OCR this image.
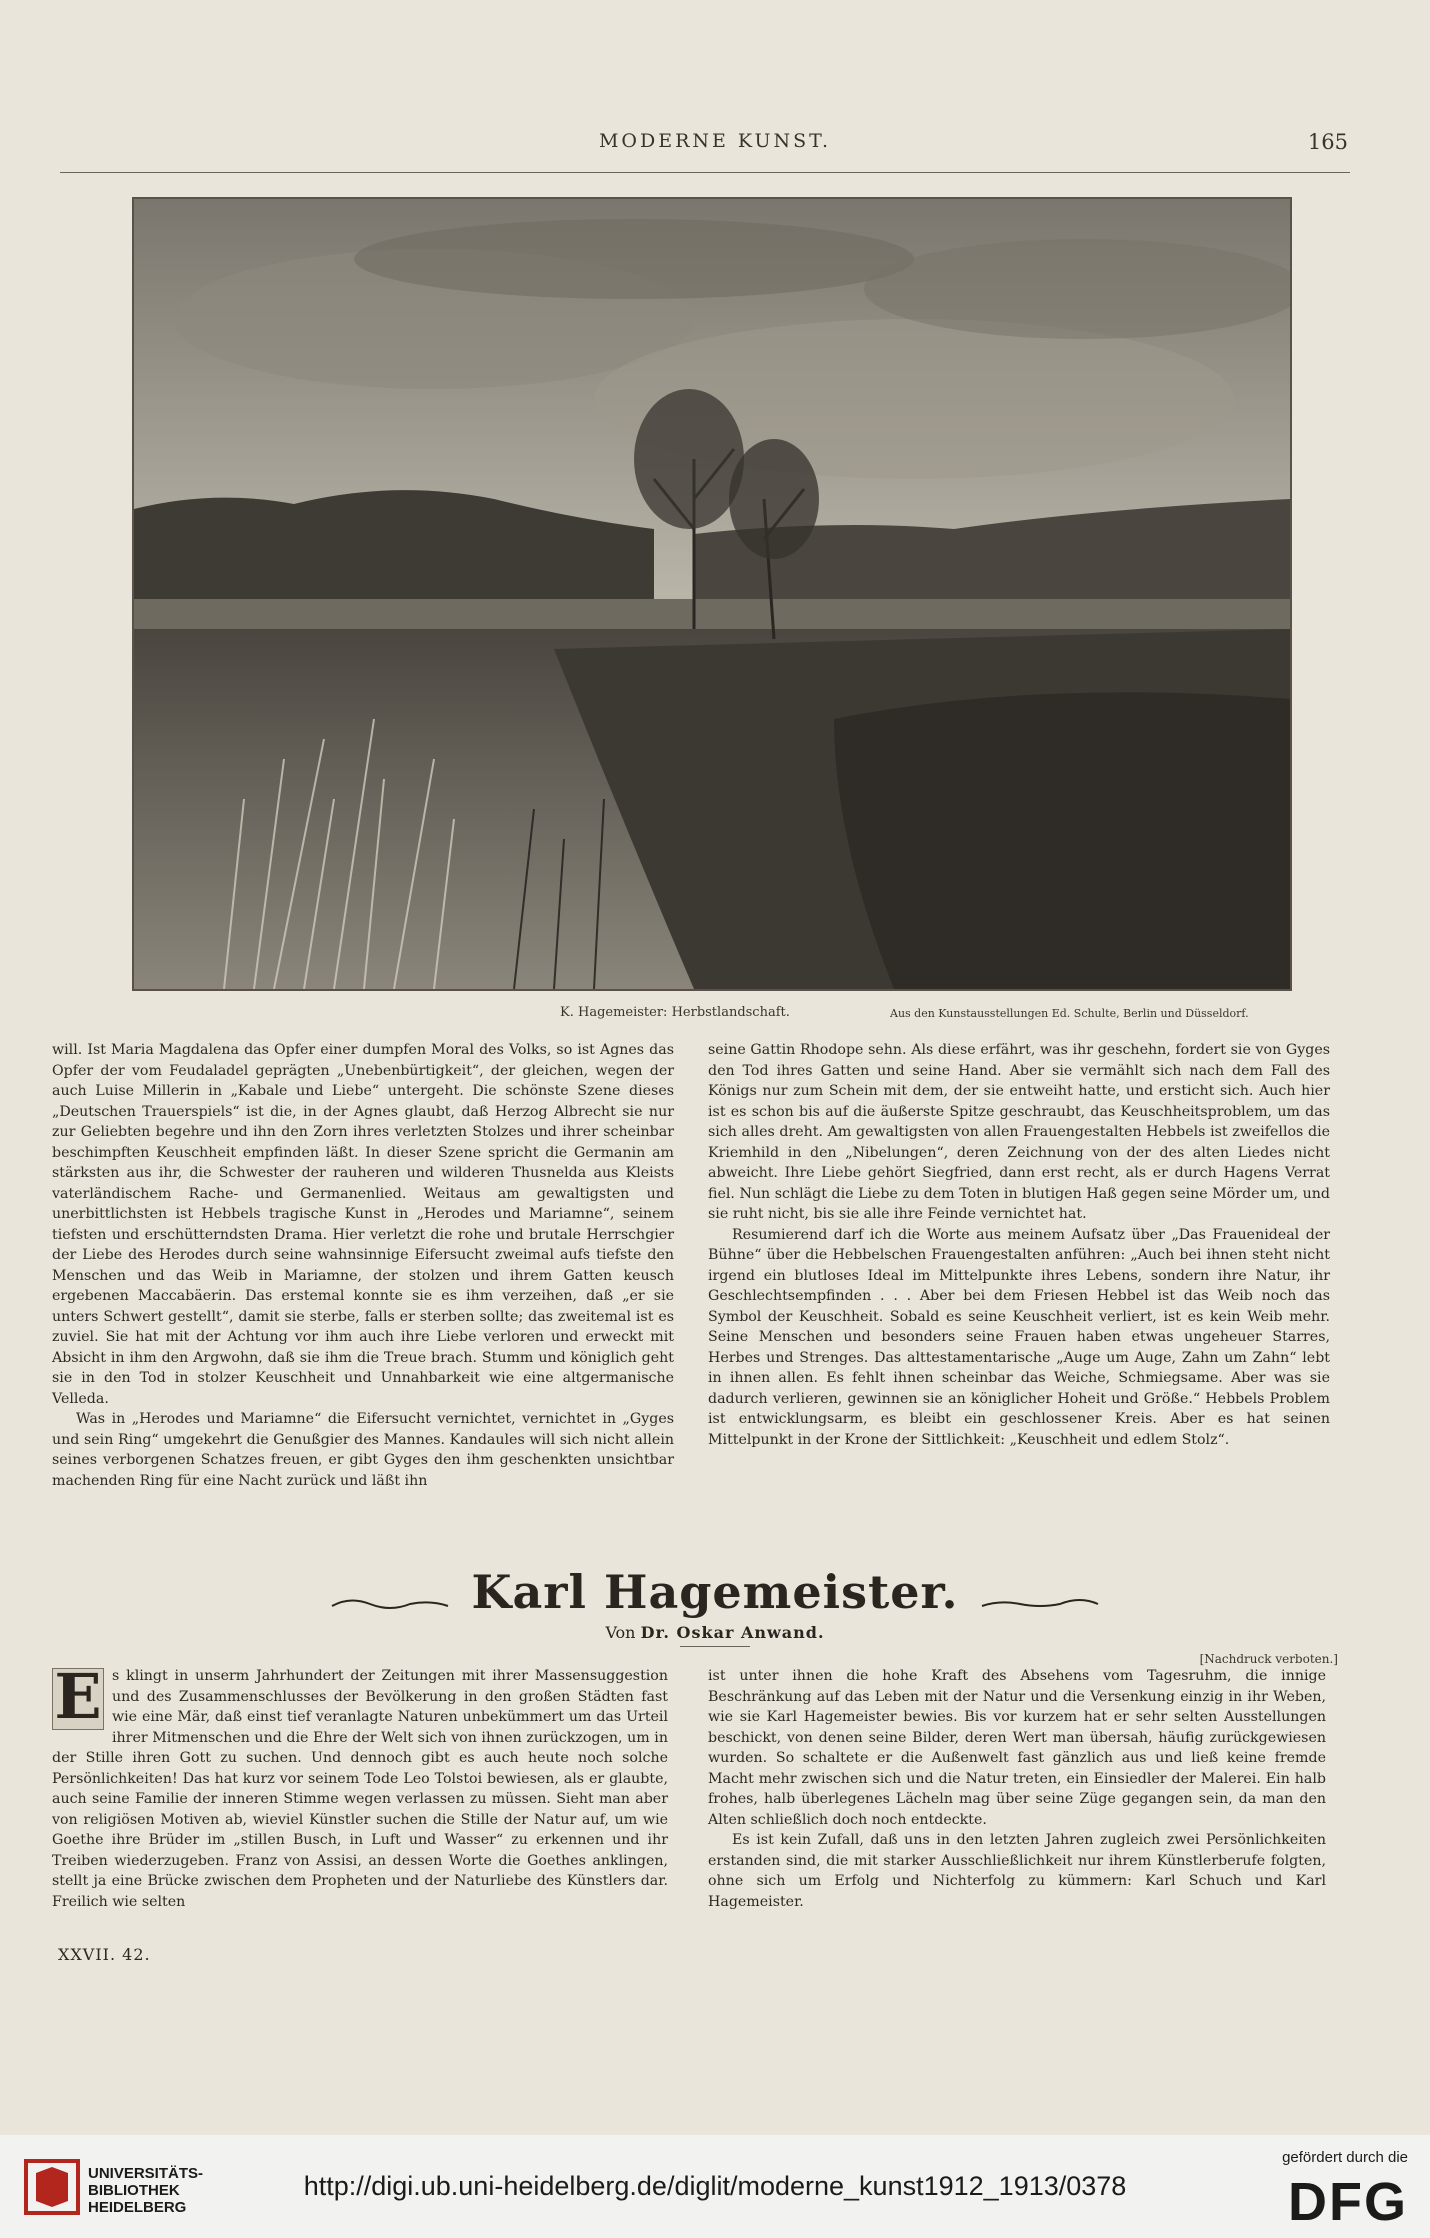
MODERNE KUNST.	165
K. Hagemeister: Herbstlandschaft.	Aus den Kunstausstellungen Ed. Schulte, Berlin und Düsseldorf.

will. Ist Maria Magdalena das Opfer einer dumpfen Moral des Volks, so ist Agnes das Opfer der vom Feudaladel geprägten „Unebenbürtigkeit“, der gleichen, wegen der auch Luise Millerin in „Kabale und Liebe“ untergeht. Die schönste Szene dieses „Deutschen Trauerspiels“ ist die, in der Agnes glaubt, daß Herzog Albrecht sie nur zur Geliebten begehre und ihn den Zorn ihres verletzten Stolzes und ihrer scheinbar beschimpften Keuschheit empfinden läßt. In dieser Szene spricht die Germanin am stärksten aus ihr, die Schwester der rauheren und wilderen Thusnelda aus Kleists vaterländischem Rache- und Germanenlied. Weitaus am gewaltigsten und unerbittlichsten ist Hebbels tragische Kunst in „Herodes und Mariamne“, seinem tiefsten und erschütterndsten Drama. Hier verletzt die rohe und brutale Herrschgier der Liebe des Herodes durch seine wahnsinnige Eifersucht zweimal aufs tiefste den Menschen und das Weib in Mariamne, der stolzen und ihrem Gatten keusch ergebenen Maccabäerin. Das erstemal konnte sie es ihm verzeihen, daß „er sie unters Schwert gestellt“, damit sie sterbe, falls er sterben sollte; das zweitemal ist es zuviel. Sie hat mit der Achtung vor ihm auch ihre Liebe verloren und erweckt mit Absicht in ihm den Argwohn, daß sie ihm die Treue brach. Stumm und königlich geht sie in den Tod in stolzer Keuschheit und Unnahbarkeit wie eine altgermanische Velleda.

Was in „Herodes und Mariamne“ die Eifersucht vernichtet, vernichtet in „Gyges und sein Ring“ umgekehrt die Genußgier des Mannes. Kandaules will sich nicht allein seines verborgenen Schatzes freuen, er gibt Gyges den ihm geschenkten unsichtbar machenden Ring für eine Nacht zurück und läßt ihn

seine Gattin Rhodope sehn. Als diese erfährt, was ihr geschehn, fordert sie von Gyges den Tod ihres Gatten und seine Hand. Aber sie vermählt sich nach dem Fall des Königs nur zum Schein mit dem, der sie entweiht hatte, und ersticht sich. Auch hier ist es schon bis auf die äußerste Spitze geschraubt, das Keuschheitsproblem, um das sich alles dreht. Am gewaltigsten von allen Frauengestalten Hebbels ist zweifellos die Kriemhild in den „Nibelungen“, deren Zeichnung von der des alten Liedes nicht abweicht. Ihre Liebe gehört Siegfried, dann erst recht, als er durch Hagens Verrat fiel. Nun schlägt die Liebe zu dem Toten in blutigen Haß gegen seine Mörder um, und sie ruht nicht, bis sie alle ihre Feinde vernichtet hat.

Resumierend darf ich die Worte aus meinem Aufsatz über „Das Frauenideal der Bühne“ über die Hebbelschen Frauengestalten anführen: „Auch bei ihnen steht nicht irgend ein blutloses Ideal im Mittelpunkte ihres Lebens, sondern ihre Natur, ihr Geschlechtsempfinden . . . Aber bei dem Friesen Hebbel ist das Weib noch das Symbol der Keuschheit. Sobald es seine Keuschheit verliert, ist es kein Weib mehr. Seine Menschen und besonders seine Frauen haben etwas ungeheuer Starres, Herbes und Strenges. Das alttestamentarische „Auge um Auge, Zahn um Zahn“ lebt in ihnen allen. Es fehlt ihnen scheinbar das Weiche, Schmiegsame. Aber was sie dadurch verlieren, gewinnen sie an königlicher Hoheit und Größe.“ Hebbels Problem ist entwicklungsarm, es bleibt ein geschlossener Kreis. Aber es hat seinen Mittelpunkt in der Krone der Sittlichkeit: „Keuschheit und edlem Stolz“.

Karl Hagemeister.
Von Dr. Oskar Anwand.
[Nachdruck verboten.]

E s klingt in unserm Jahrhundert der Zeitungen mit ihrer Massensuggestion und des Zusammenschlusses der Bevölkerung in den großen Städten fast wie eine Mär, daß einst tief veranlagte Naturen unbekümmert um das Urteil ihrer Mitmenschen und die Ehre der Welt sich von ihnen zurückzogen, um in der Stille ihren Gott zu suchen. Und dennoch gibt es auch heute noch solche Persönlichkeiten! Das hat kurz vor seinem Tode Leo Tolstoi bewiesen, als er glaubte, auch seine Familie der inneren Stimme wegen verlassen zu müssen. Sieht man aber von religiösen Motiven ab, wieviel Künstler suchen die Stille der Natur auf, um wie Goethe ihre Brüder im „stillen Busch, in Luft und Wasser“ zu erkennen und ihr Treiben wiederzugeben. Franz von Assisi, an dessen Worte die Goethes anklingen, stellt ja eine Brücke zwischen dem Propheten und der Naturliebe des Künstlers dar. Freilich wie selten

ist unter ihnen die hohe Kraft des Absehens vom Tagesruhm, die innige Beschränkung auf das Leben mit der Natur und die Versenkung einzig in ihr Weben, wie sie Karl Hagemeister bewies. Bis vor kurzem hat er sehr selten Ausstellungen beschickt, von denen seine Bilder, deren Wert man übersah, häufig zurückgewiesen wurden. So schaltete er die Außenwelt fast gänzlich aus und ließ keine fremde Macht mehr zwischen sich und die Natur treten, ein Einsiedler der Malerei. Ein halb frohes, halb überlegenes Lächeln mag über seine Züge gegangen sein, da man den Alten schließlich doch noch entdeckte.

Es ist kein Zufall, daß uns in den letzten Jahren zugleich zwei Persönlichkeiten erstanden sind, die mit starker Ausschließlichkeit nur ihrem Künstlerberufe folgten, ohne sich um Erfolg und Nichterfolg zu kümmern: Karl Schuch und Karl Hagemeister.

XXVII. 42.
UNIVERSITÄTS-
BIBLIOTHEK
HEIDELBERG
http://digi.ub.uni-heidelberg.de/diglit/moderne_kunst1912_1913/0378
gefördert durch die
DFG
